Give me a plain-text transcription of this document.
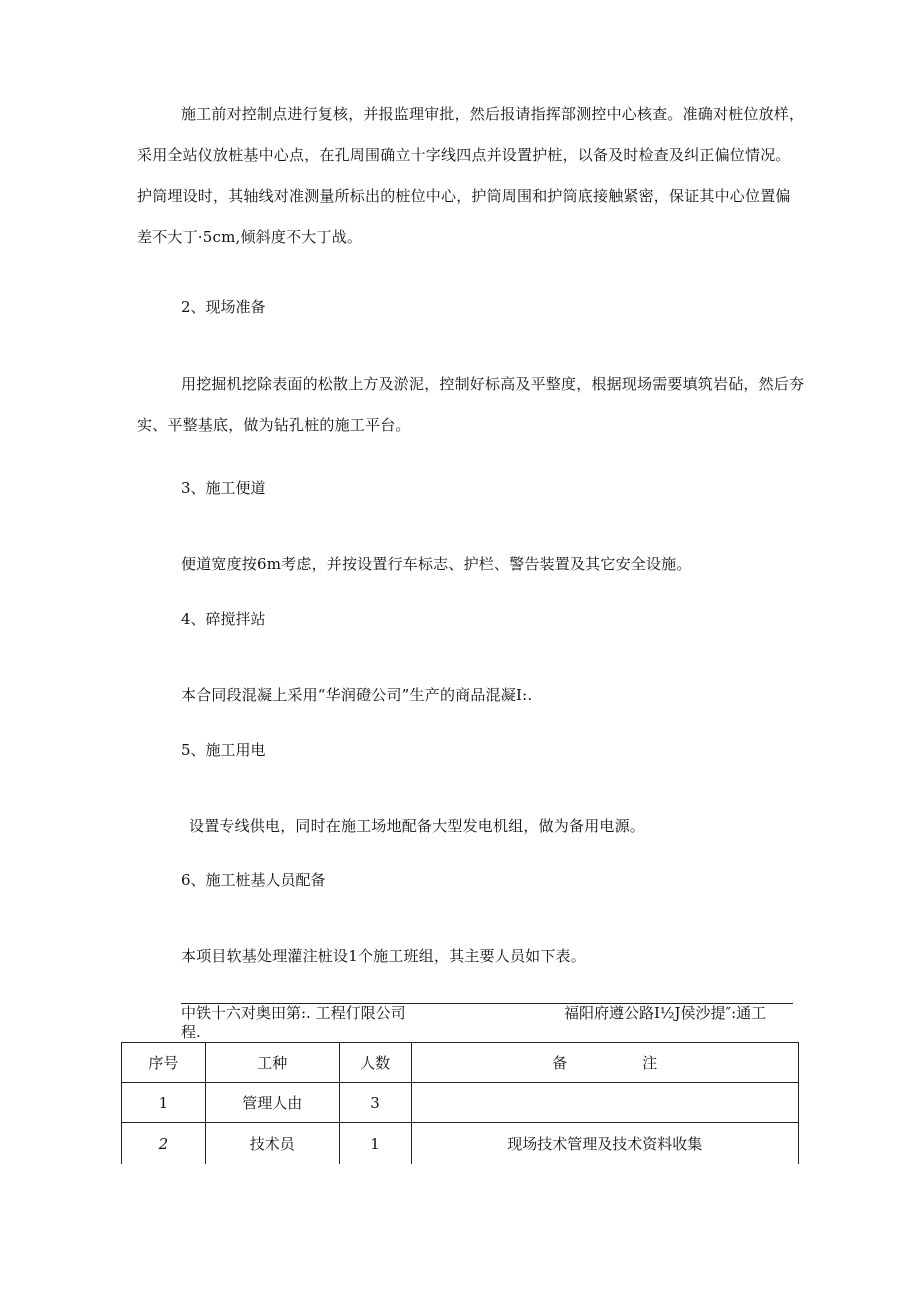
施工前对控制点进行复核，并报监理审批，然后报请指挥部测控中心核查。准确对桩位放样，采用全站仪放桩基中心点，在孔周围确立十字线四点并设置护桩，以备及时检查及纠正偏位情况。护筒埋设时，其轴线对准测量所标出的桩位中心，护筒周围和护筒底接触紧密，保证其中心位置偏差不大丁·5cm,倾斜度不大丁战。

2、现场准备

用挖掘机挖除表面的松散上方及淤泥，控制好标高及平整度，根据现场需要填筑岩砧，然后夯实、平整基底，做为钻孔桩的施工平台。

3、施工便道

便道宽度按6m考虑，并按设置行车标志、护栏、警告装置及其它安全设施。

4、碎搅拌站

本合同段混凝上采用“华润磴公司”生产的商品混凝I:.

5、施工用电

设置专线供电，同时在施工场地配备大型发电机组，做为备用电源。

6、施工桩基人员配备

本项目软基处理灌注桩设1个施工班组，其主要人员如下表。

中铁十六对奥田第:. 工程仃限公司	福阳府遵公路I½J侯沙提″:通工
程.
序号	工种	人数	备　　　　　注
1	管理人由	3	
2	技术员	1	现场技术管理及技术资料收集
